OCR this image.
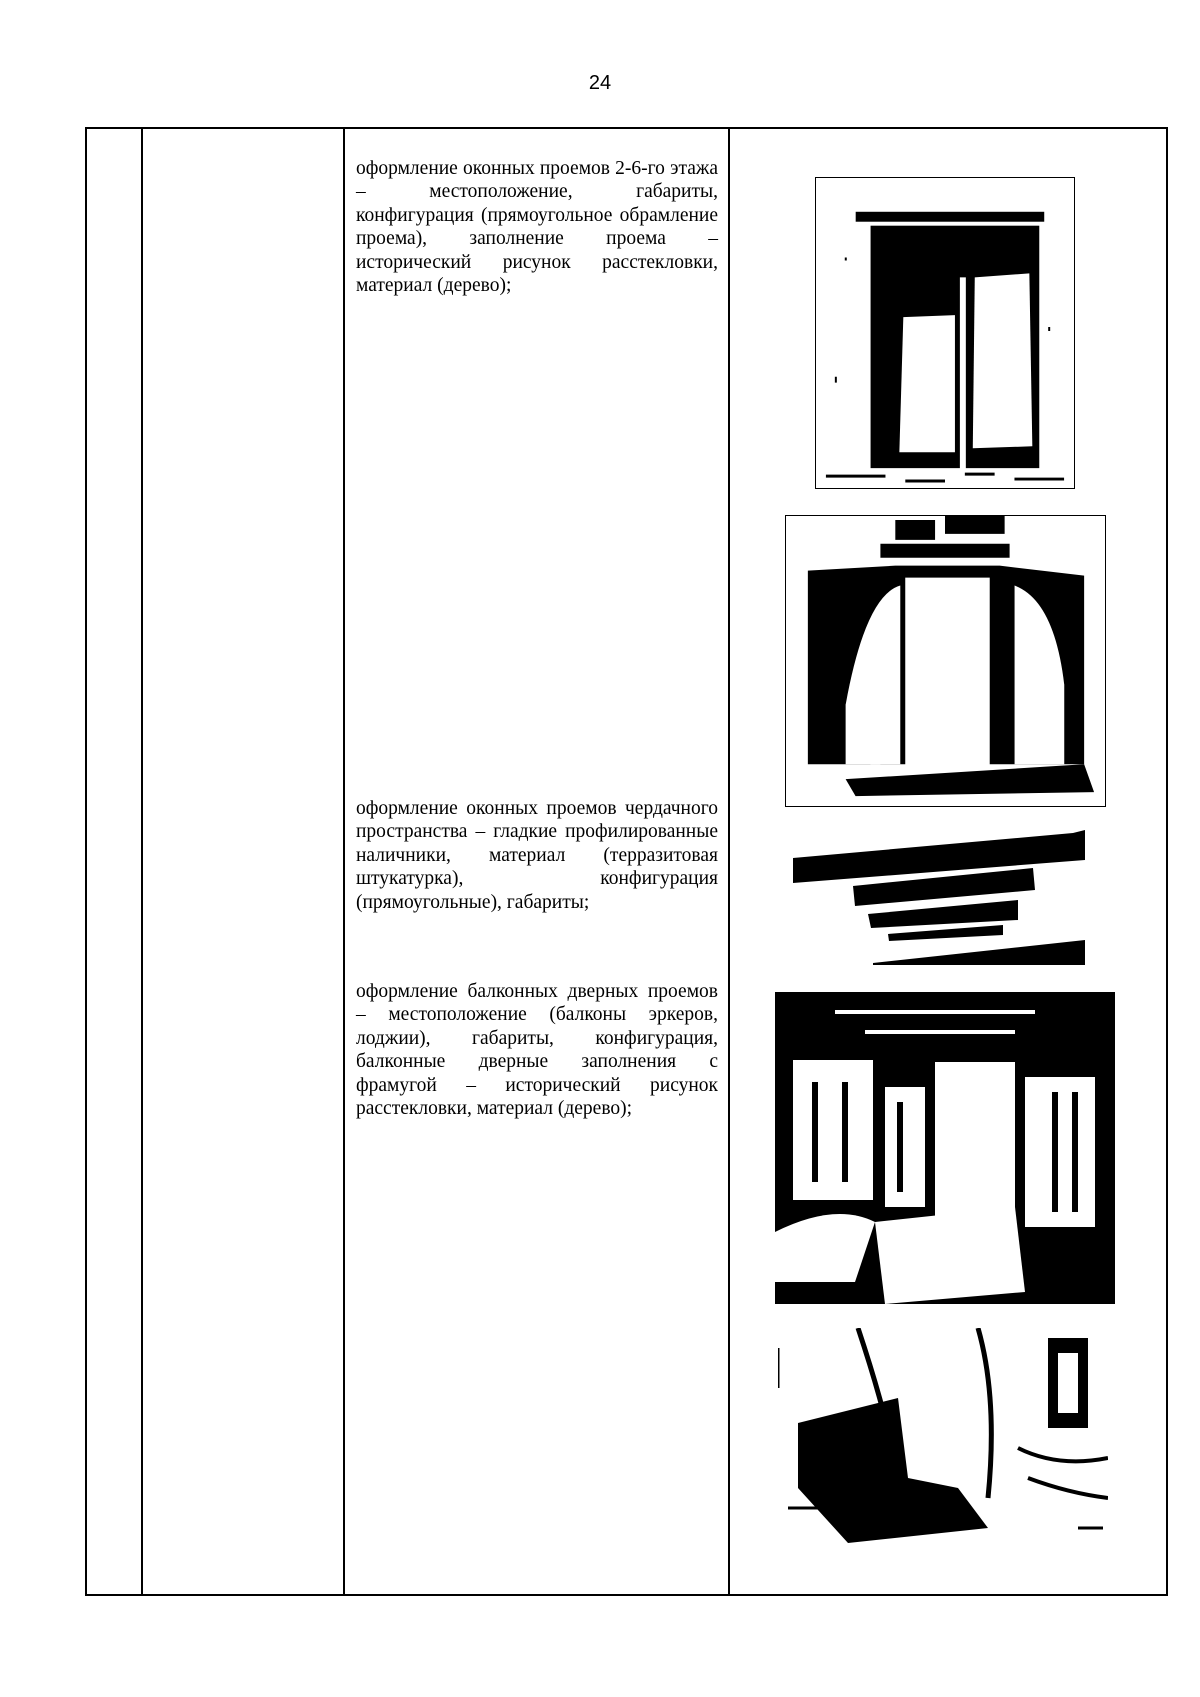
24
оформление оконных проемов 2-6-го этажа – местоположение, габариты, конфигурация (прямоугольное обрамление проема), заполнение проема – исторический рисунок расстекловки, материал (дерево);
оформление оконных проемов чердачного пространства – гладкие профилированные наличники, материал (терразитовая штукатурка), конфигурация (прямоугольные), габариты;
оформление балконных дверных проемов – местоположение (балконы эркеров, лоджии), габариты, конфигурация, балконные дверные заполнения с фрамугой – исторический рисунок расстекловки, материал (дерево);
